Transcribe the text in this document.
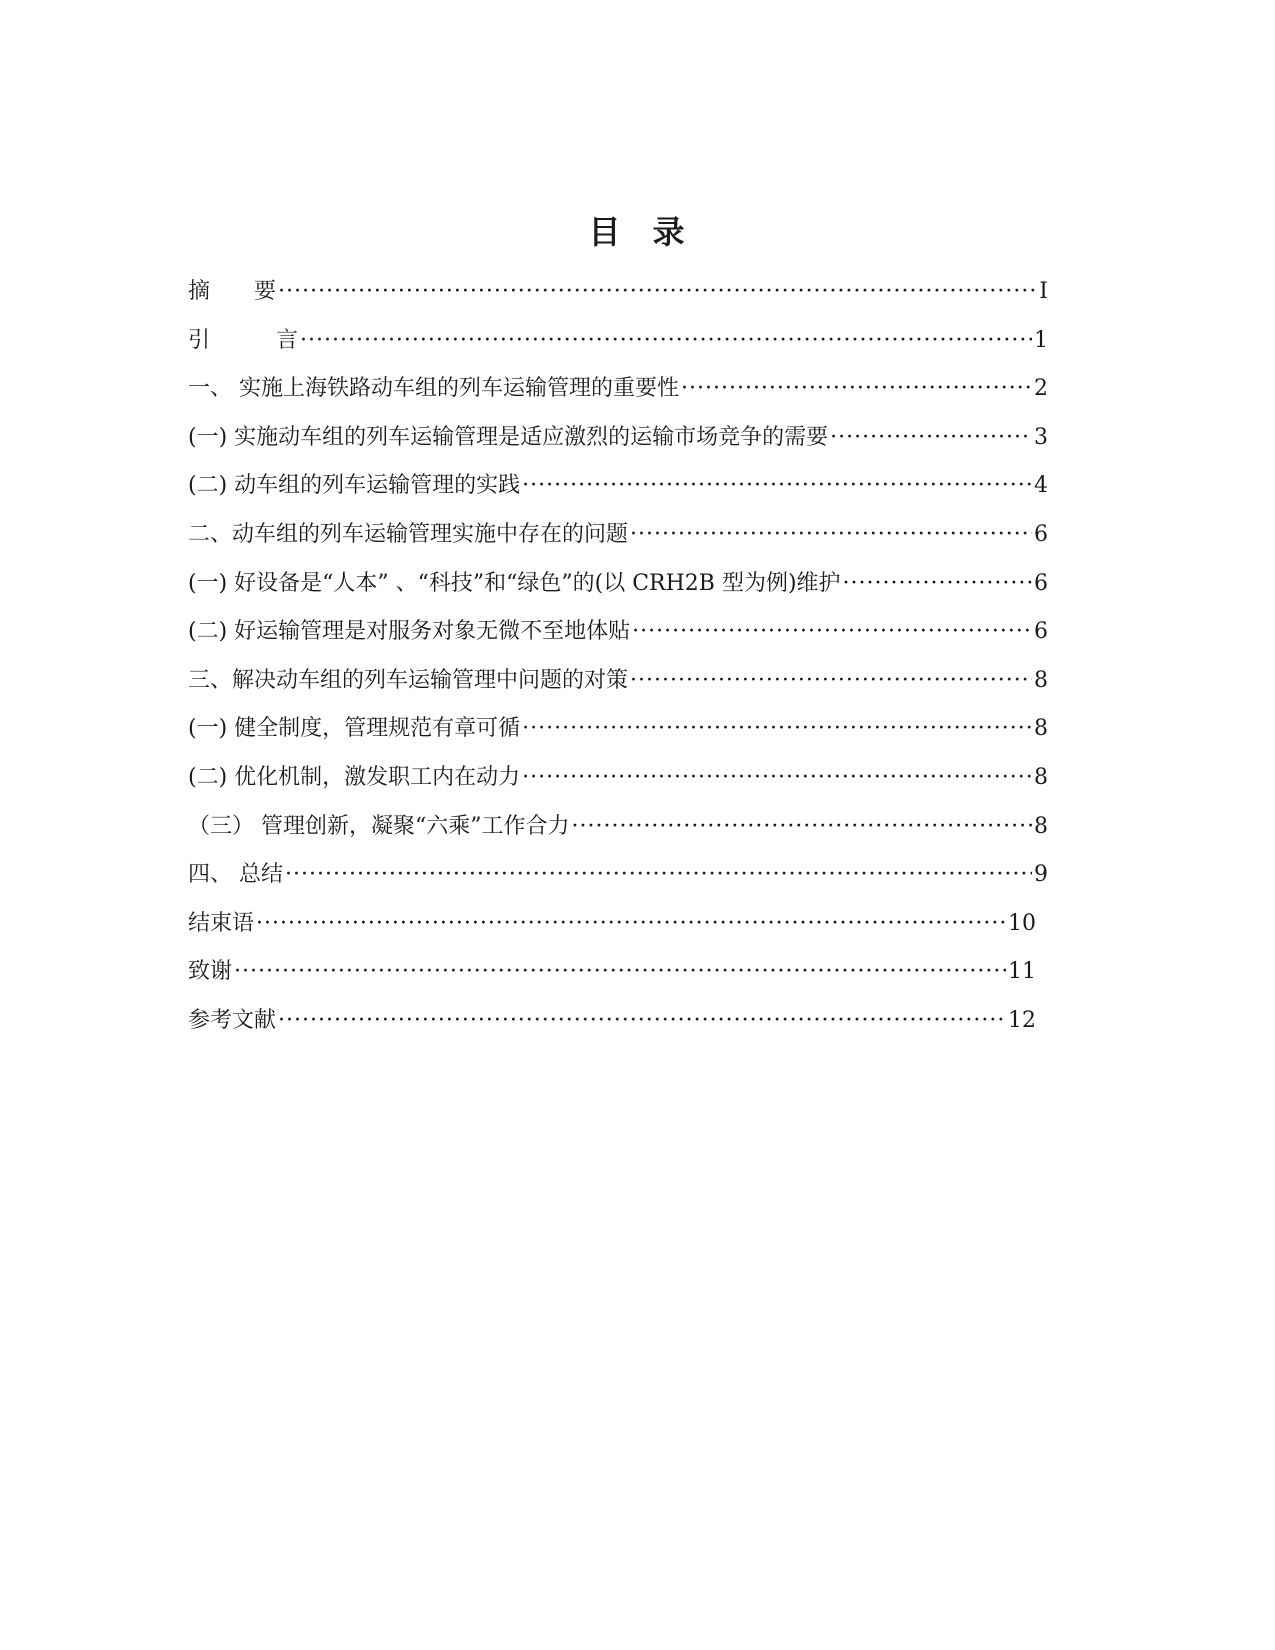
目 录
摘　　要 ·····	I
引　　　言 ·····	1
一、 实施上海铁路动车组的列车运输管理的重要性 ·····	2
(一) 实施动车组的列车运输管理是适应激烈的运输市场竞争的需要 ·····	3
(二) 动车组的列车运输管理的实践 ·····	4
二、动车组的列车运输管理实施中存在的问题 ·····	6
(一) 好设备是“人本” 、“科技”和“绿色”的(以 CRH2B 型为例)维护 ·····	6
(二) 好运输管理是对服务对象无微不至地体贴 ·····	6
三、解决动车组的列车运输管理中问题的对策 ·····	8
(一) 健全制度，管理规范有章可循 ·····	8
(二) 优化机制，激发职工内在动力 ·····	8
（三） 管理创新，凝聚“六乘”工作合力 ·····	8
四、 总结 ·····	9
结束语 ·····	10
致谢 ·····	11
参考文献 ·····	12
